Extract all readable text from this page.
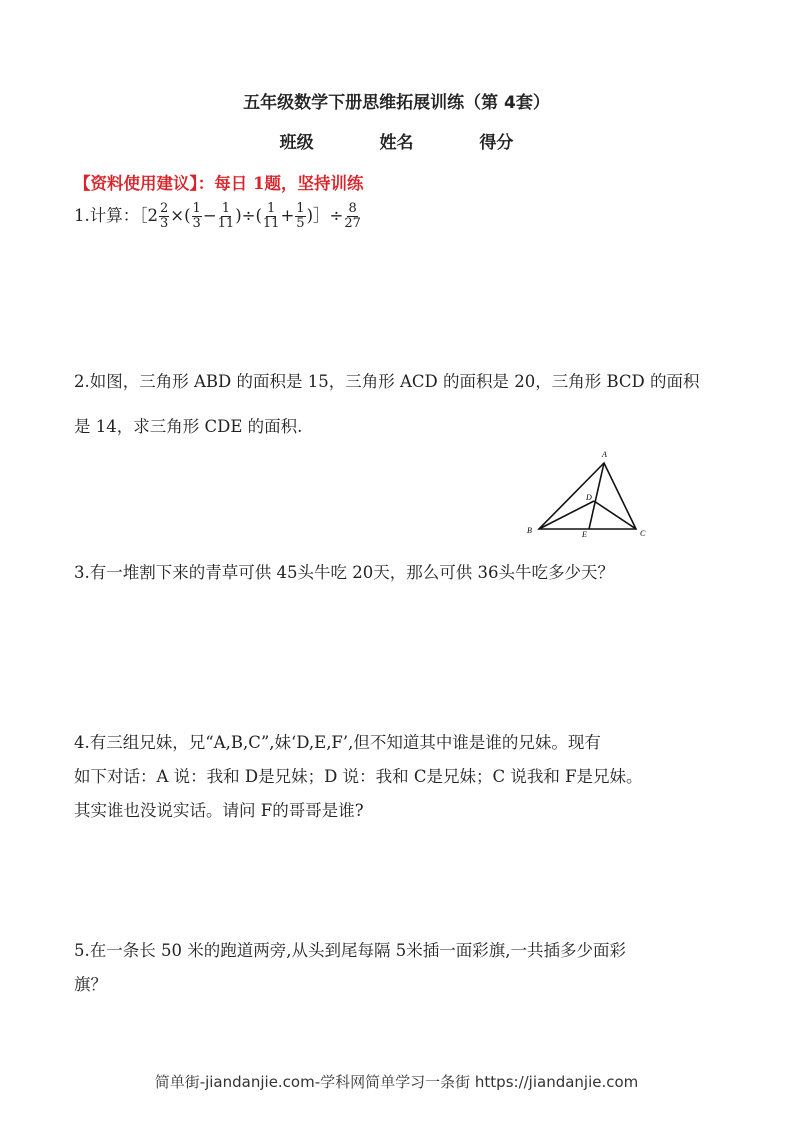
五年级数学下册思维拓展训练（第 4套）
班级	姓名	得分
【资料使用建议】：每日 1题，坚持训练
1.计算：［2 $\frac{2}{3}$ ×( $\frac{1}{3} - \frac{1}{11}$ )÷( $\frac{1}{11} + \frac{1}{5}$ )］÷ $\frac{8}{27}$
2.如图，三角形 ABD 的面积是 15，三角形 ACD 的面积是 20，三角形 BCD 的面积
是 14，求三角形 CDE 的面积.
A
B	C
D
E
3.有一堆割下来的青草可供 45头牛吃 20天，那么可供 36头牛吃多少天？
4.有三组兄妹，兄“A,B,C”,妹‘D,E,F’,但不知道其中谁是谁的兄妹。现有
如下对话：A 说：我和 D是兄妹；D 说：我和 C是兄妹；C 说我和 F是兄妹。
其实谁也没说实话。请问 F的哥哥是谁?
5.在一条长 50 米的跑道两旁,从头到尾每隔 5米插一面彩旗,一共插多少面彩
旗？
简单街-jiandanjie.com-学科网简单学习一条街 https://jiandanjie.com
